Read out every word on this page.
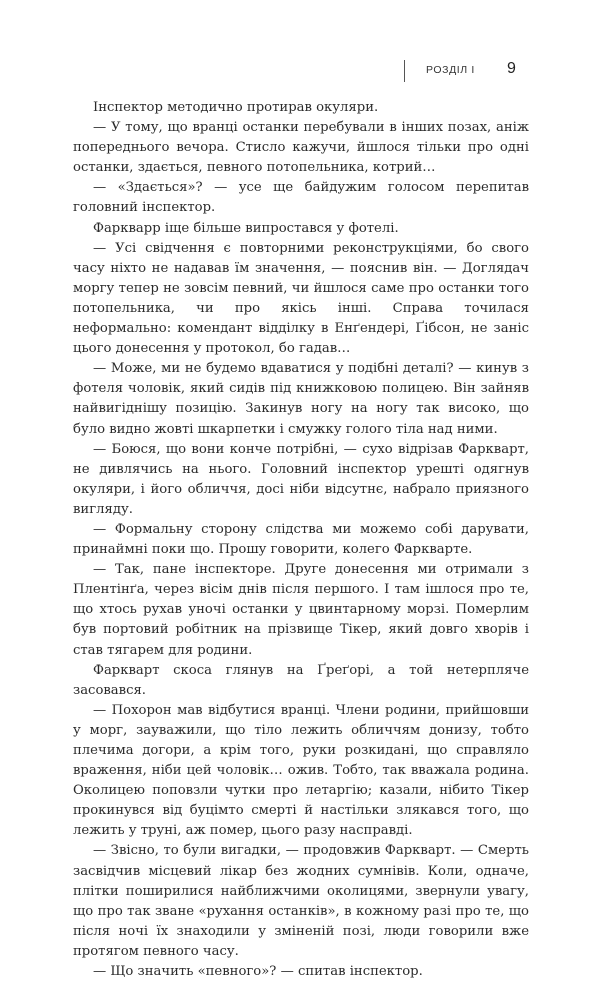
РОЗДІЛ І 9

Інспектор методично протирав окуляри.

— У тому, що вранці останки перебували в інших позах, аніж попереднього вечора. Стисло кажучи, йшлося тільки про одні останки, здається, певного потопельника, котрий…

— «Здається»? — усе ще байдужим голосом перепитав головний інспектор.

Фарквapp іще більше випростався у фотелі.

— Усі свідчення є повторними реконструкціями, бо свого часу ніхто не надавав їм значення, — пояснив він. — Доглядач моргу тепер не зовсім певний, чи йшлося саме про останки того потопельника, чи про якісь інші. Справа точилася неформально: комендант відділку в Енґендері, Ґібсон, не заніс цього донесення у протокол, бо гадав…

— Може, ми не будемо вдаватися у подібні деталі? — кинув з фотеля чоловік, який сидів під книжковою полицею. Він зайняв найвигіднішу позицію. Закинув ногу на ногу так високо, що було видно жовті шкарпетки і смужку голого тіла над ними.

— Боюся, що вони конче потрібні, — сухо відрізав Фарквapт, не дивлячись на нього. Головний інспектор урешті одягнув окуляри, і його обличчя, досі ніби відсутнє, набрало приязного вигляду.

— Формальну сторону слідства ми можемо собі дарувати, принаймні поки що. Прошу говорити, колего Фарквapте.

— Так, пане інспекторе. Друге донесення ми отримали з Плентінґа, через вісім днів після першого. І там ішлося про те, що хтось рухав уночі останки у цвинтарному морзі. Померлим був портовий робітник на прізвище Тікер, який довго хворів і став тягарем для родини.

Фарквapт скоса глянув на Ґреґорі, а той нетерпляче засовався.

— Похорон мав відбутися вранці. Члени родини, прийшовши у морг, зауважили, що тіло лежить обличчям донизу, тобто плечима догори, а крім того, руки розкидані, що справляло враження, ніби цей чоловік… ожив. Тобто, так вважала родина. Околицею поповзли чутки про летаргію; казали, нібито Тікер прокинувся від буцімто смерті й настільки злякався того, що лежить у труні, аж помер, цього разу насправді.

— Звісно, то були вигадки, — продовжив Фарквapт. — Смерть засвідчив місцевий лікар без жодних сумнівів. Коли, одначе, плітки поширилися найближчими околицями, звернули увагу, що про так зване «рухання останків», в кожному разі про те, що після ночі їх знаходили у зміненій позі, люди говорили вже протягом певного часу.

— Що значить «певного»? — спитав інспектор.
